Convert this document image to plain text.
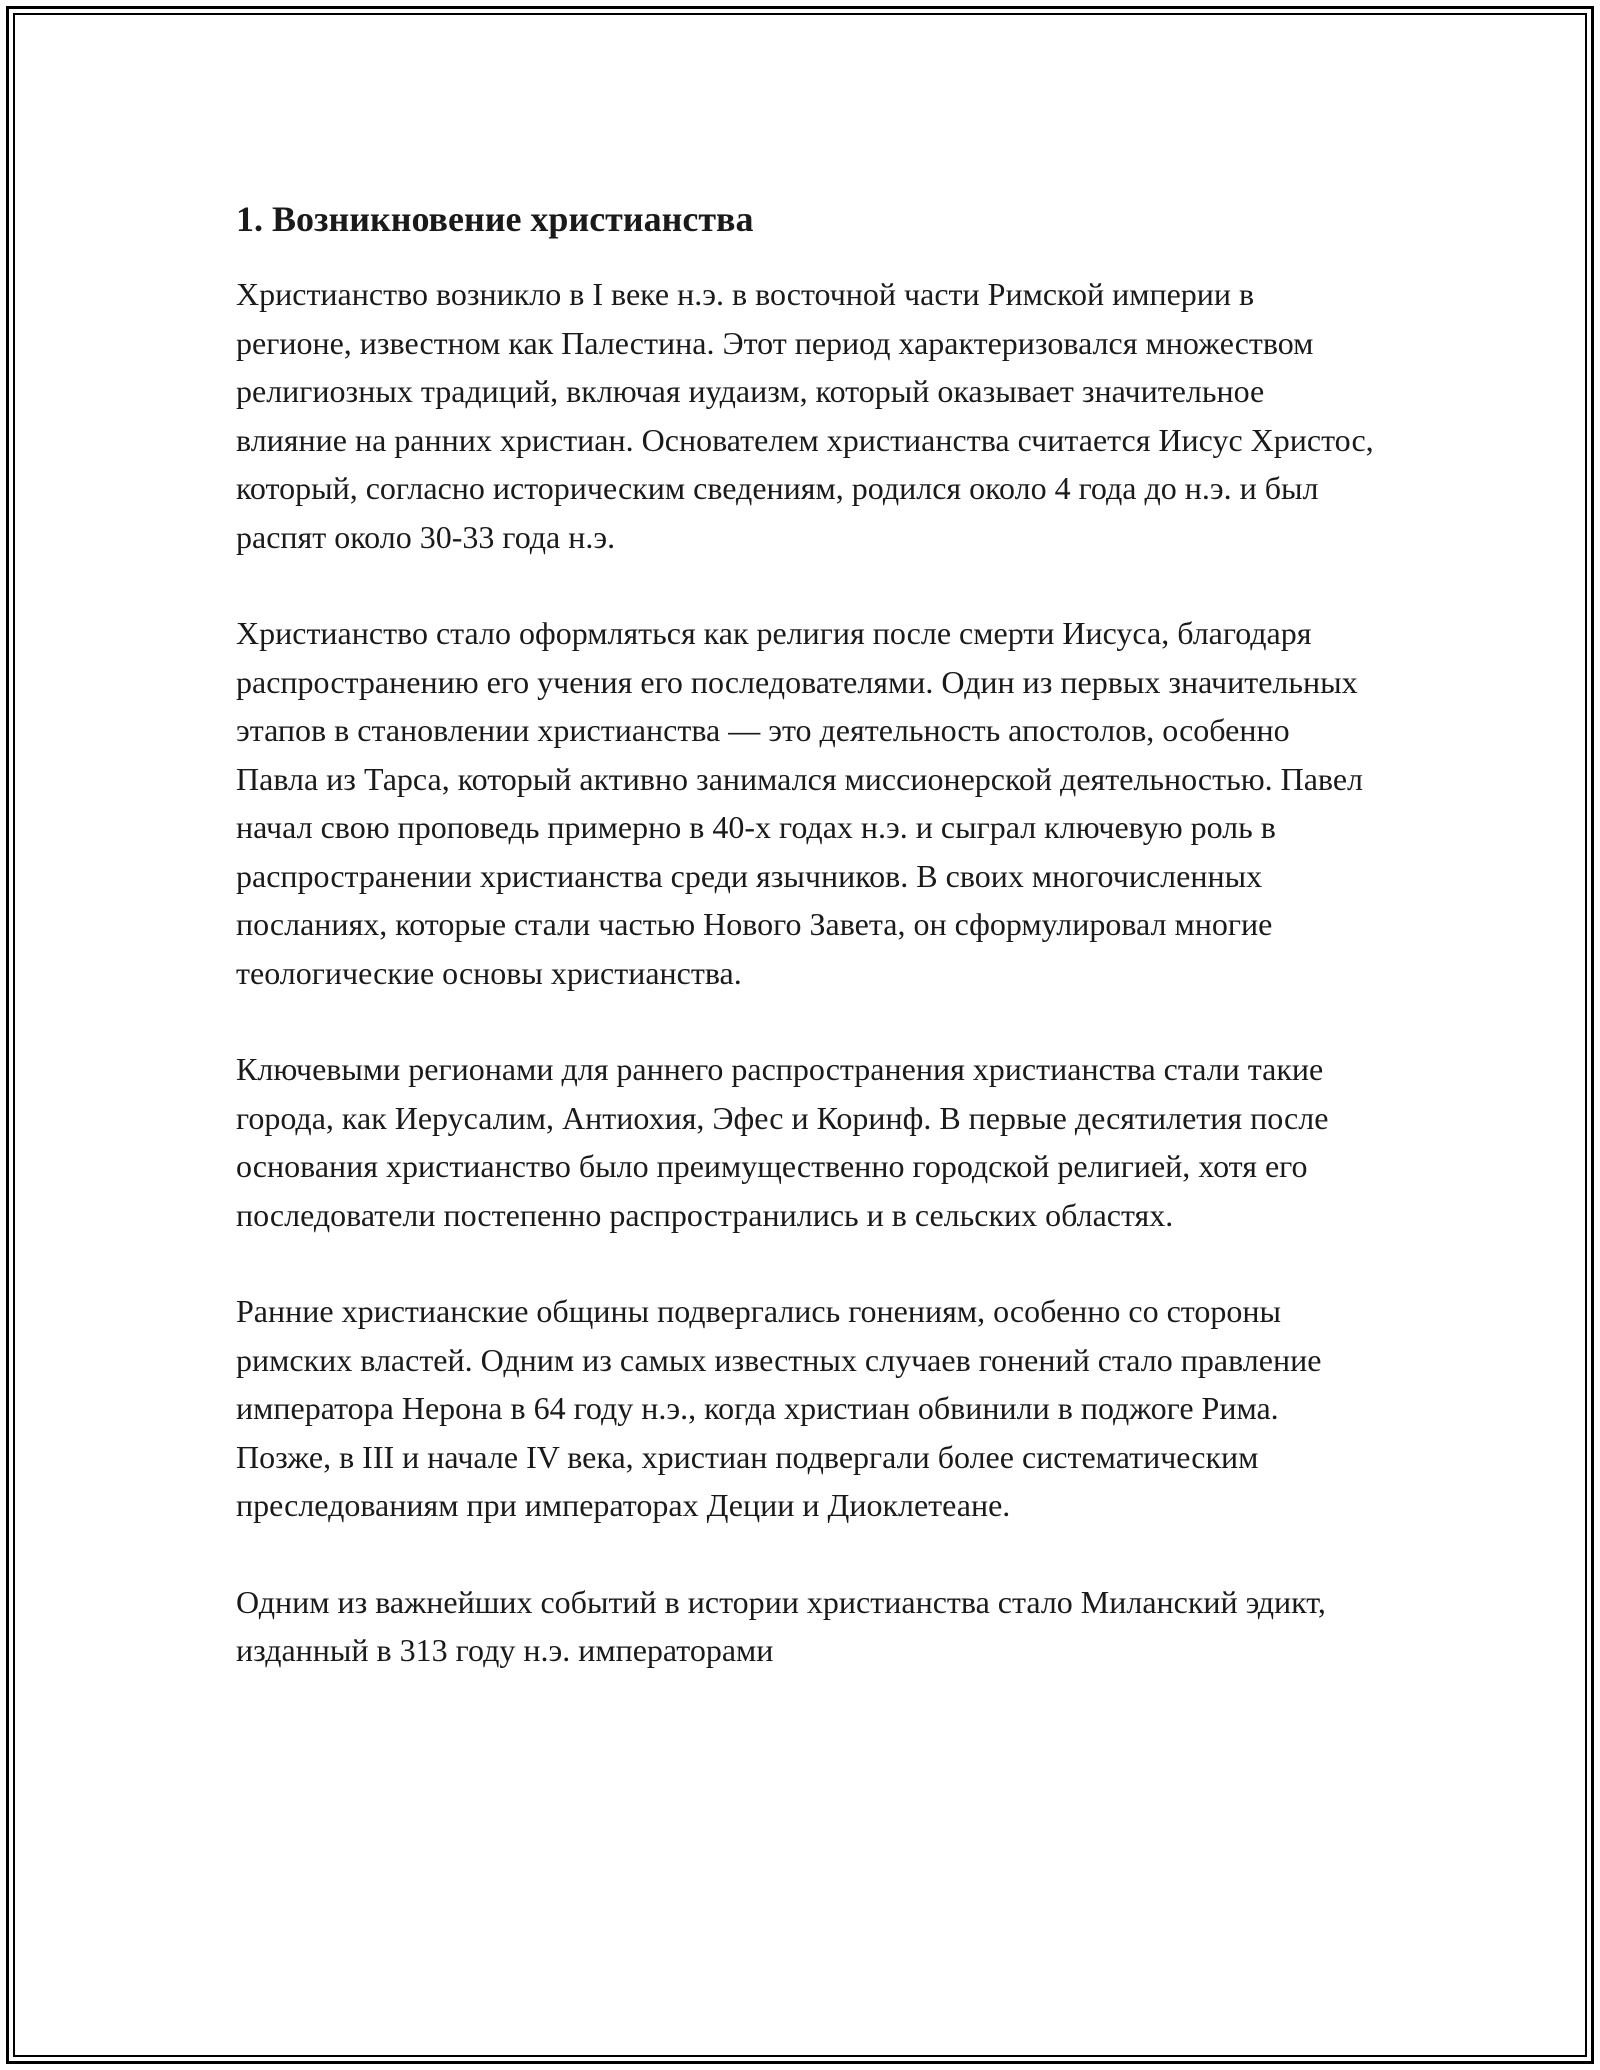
1. Возникновение христианства

Христианство возникло в I веке н.э. в восточной части Римской империи в регионе, известном как Палестина. Этот период характеризовался множеством религиозных традиций, включая иудаизм, который оказывает значительное влияние на ранних христиан. Основателем христианства считается Иисус Христос, который, согласно историческим сведениям, родился около 4 года до н.э. и был распят около 30-33 года н.э.

Христианство стало оформляться как религия после смерти Иисуса, благодаря распространению его учения его последователями. Один из первых значительных этапов в становлении христианства — это деятельность апостолов, особенно Павла из Тарса, который активно занимался миссионерской деятельностью. Павел начал свою проповедь примерно в 40-х годах н.э. и сыграл ключевую роль в распространении христианства среди язычников. В своих многочисленных посланиях, которые стали частью Нового Завета, он сформулировал многие теологические основы христианства.

Ключевыми регионами для раннего распространения христианства стали такие города, как Иерусалим, Антиохия, Эфес и Коринф. В первые десятилетия после основания христианство было преимущественно городской религией, хотя его последователи постепенно распространились и в сельских областях.

Ранние христианские общины подвергались гонениям, особенно со стороны римских властей. Одним из самых известных случаев гонений стало правление императора Нерона в 64 году н.э., когда христиан обвинили в поджоге Рима. Позже, в III и начале IV века, христиан подвергали более систематическим преследованиям при императорах Деции и Диоклетеане.

Одним из важнейших событий в истории христианства стало Миланский эдикт, изданный в 313 году н.э. императорами
